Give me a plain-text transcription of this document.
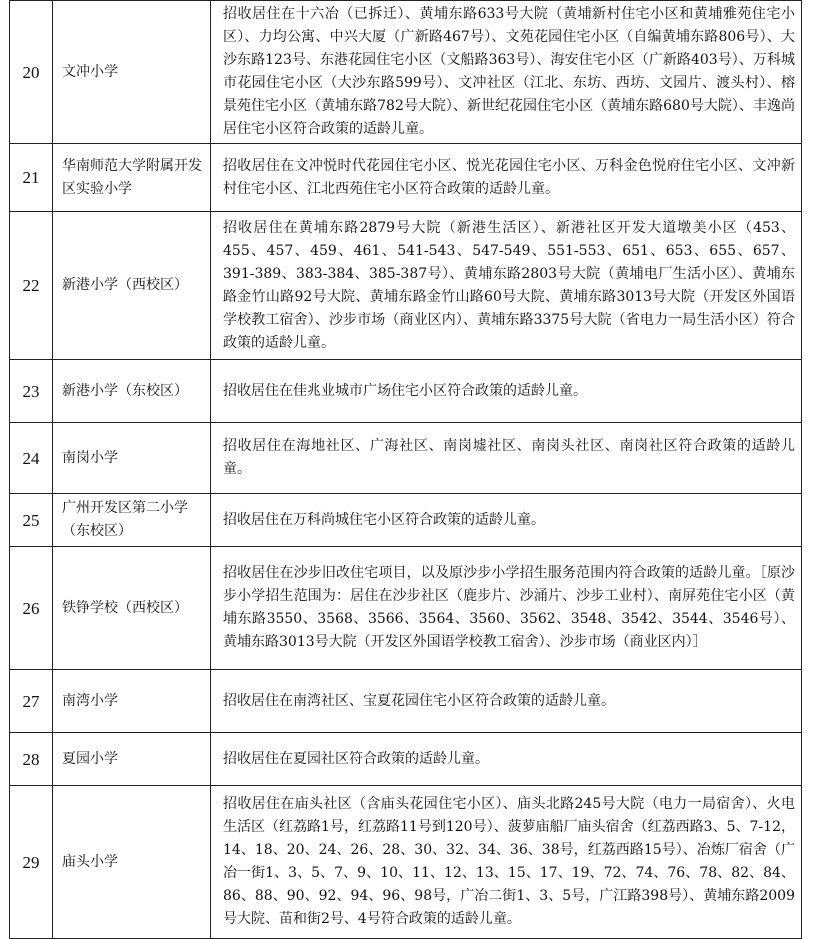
20	文冲小学	招收居住在十六冶（已拆迁）、黄埔东路633号大院（黄埔新村住宅小区和黄埔雅苑住宅小区）、力均公寓、中兴大厦（广新路467号）、文苑花园住宅小区（自编黄埔东路806号）、大沙东路123号、东港花园住宅小区（文船路363号）、海安住宅小区（广新路403号）、万科城市花园住宅小区（大沙东路599号）、文冲社区（江北、东坊、西坊、文园片、渡头村）、榕景苑住宅小区（黄埔东路782号大院）、新世纪花园住宅小区（黄埔东路680号大院）、丰逸尚居住宅小区符合政策的适龄儿童。
21	华南师范大学附属开发区实验小学	招收居住在文冲悦时代花园住宅小区、悦光花园住宅小区、万科金色悦府住宅小区、文冲新村住宅小区、江北西苑住宅小区符合政策的适龄儿童。
22	新港小学（西校区）	招收居住在黄埔东路2879号大院（新港生活区）、新港社区开发大道墩美小区（453、455、457、459、461、541-543、547-549、551-553、651、653、655、657、391-389、383-384、385-387号）、黄埔东路2803号大院（黄埔电厂生活小区）、黄埔东路金竹山路92号大院、黄埔东路金竹山路60号大院、黄埔东路3013号大院（开发区外国语学校教工宿舍）、沙步市场（商业区内）、黄埔东路3375号大院（省电力一局生活小区）符合政策的适龄儿童。
23	新港小学（东校区）	招收居住在佳兆业城市广场住宅小区符合政策的适龄儿童。
24	南岗小学	招收居住在海地社区、广海社区、南岗墟社区、南岗头社区、南岗社区符合政策的适龄儿童。
25	广州开发区第二小学（东校区）	招收居住在万科尚城住宅小区符合政策的适龄儿童。
26	铁铮学校（西校区）	招收居住在沙步旧改住宅项目，以及原沙步小学招生服务范围内符合政策的适龄儿童。［原沙步小学招生范围为：居住在沙步社区（鹿步片、沙涌片、沙步工业村）、南屏苑住宅小区（黄埔东路3550、3568、3566、3564、3560、3562、3548、3542、3544、3546号）、黄埔东路3013号大院（开发区外国语学校教工宿舍）、沙步市场（商业区内）］
27	南湾小学	招收居住在南湾社区、宝夏花园住宅小区符合政策的适龄儿童。
28	夏园小学	招收居住在夏园社区符合政策的适龄儿童。
29	庙头小学	招收居住在庙头社区（含庙头花园住宅小区）、庙头北路245号大院（电力一局宿舍）、火电生活区（红荔路1号，红荔路11号到120号）、菠萝庙船厂庙头宿舍（红荔西路3、5、7-12，14、18、20、24、26、28、30、32、34、36、38号，红荔西路15号）、冶炼厂宿舍（广冶一街1、3、5、7、9、10、11、12、13、15、17、19、72、74、76、78、82、84、86、88、90、92、94、96、98号，广冶二街1、3、5号，广江路398号）、黄埔东路2009号大院、苗和街2号、4号符合政策的适龄儿童。
